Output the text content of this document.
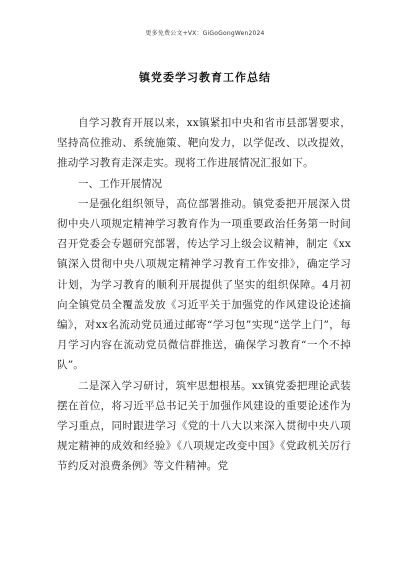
更多免费公文+VX：GiGoGongWen2024
镇党委学习教育工作总结

自学习教育开展以来，xx镇紧扣中央和省市县部署要求，坚持高位推动、系统施策、靶向发力，以学促改、以改提效，推动学习教育走深走实。现将工作进展情况汇报如下。

一、工作开展情况

一是强化组织领导，高位部署推动。镇党委把开展深入贯彻中央八项规定精神学习教育作为一项重要政治任务第一时间召开党委会专题研究部署，传达学习上级会议精神，制定《xx镇深入贯彻中央八项规定精神学习教育工作安排》，确定学习计划，为学习教育的顺利开展提供了坚实的组织保障。4月初向全镇党员全覆盖发放《习近平关于加强党的作风建设论述摘编》，对xx名流动党员通过邮寄“学习包”实现“送学上门”，每月学习内容在流动党员微信群推送，确保学习教育“一个不掉队”。

二是深入学习研讨，筑牢思想根基。xx镇党委把理论武装摆在首位，将习近平总书记关于加强作风建设的重要论述作为学习重点，同时跟进学习《党的十八大以来深入贯彻中央八项规定精神的成效和经验》《八项规定改变中国》《党政机关厉行节约反对浪费条例》等文件精神。党
